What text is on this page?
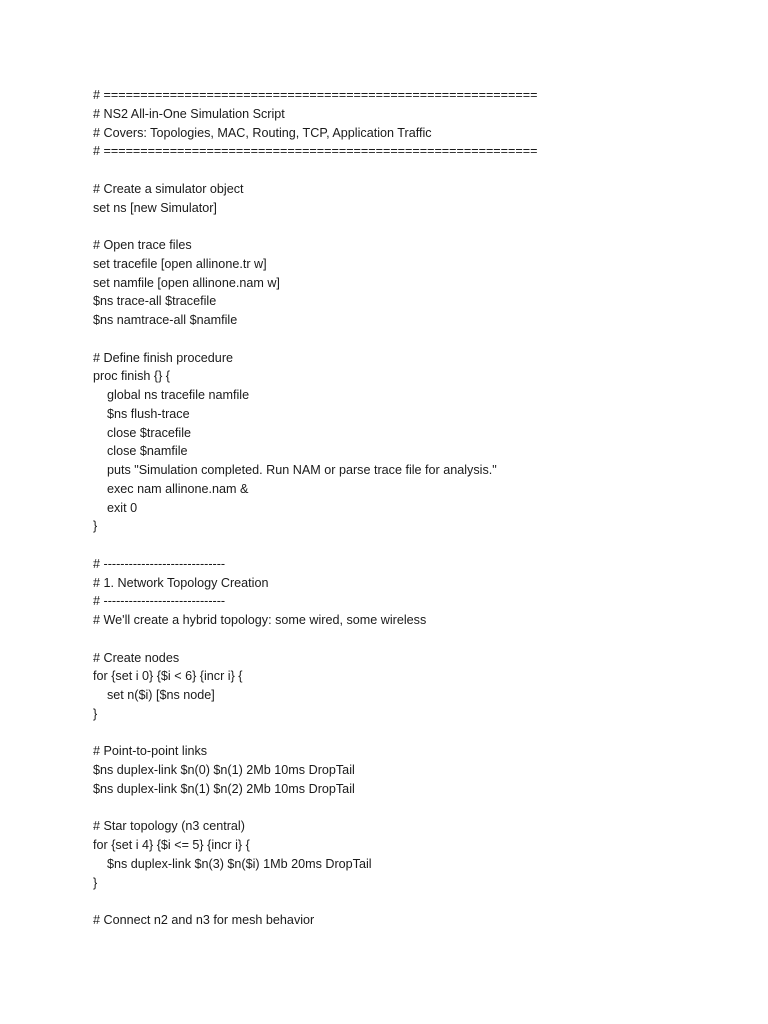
# ===========================================================
# NS2 All-in-One Simulation Script
# Covers: Topologies, MAC, Routing, TCP, Application Traffic
# ===========================================================
# Create a simulator object
set ns [new Simulator]
# Open trace files
set tracefile [open allinone.tr w]
set namfile [open allinone.nam w]
$ns trace-all $tracefile
$ns namtrace-all $namfile
# Define finish procedure
proc finish {} {
global ns tracefile namfile
$ns flush-trace
close $tracefile
close $namfile
puts "Simulation completed. Run NAM or parse trace file for analysis."
exec nam allinone.nam &
exit 0
}
# -----------------------------
# 1. Network Topology Creation
# -----------------------------
# We'll create a hybrid topology: some wired, some wireless
# Create nodes
for {set i 0} {$i < 6} {incr i} {
set n($i) [$ns node]
}
# Point-to-point links
$ns duplex-link $n(0) $n(1) 2Mb 10ms DropTail
$ns duplex-link $n(1) $n(2) 2Mb 10ms DropTail
# Star topology (n3 central)
for {set i 4} {$i <= 5} {incr i} {
$ns duplex-link $n(3) $n($i) 1Mb 20ms DropTail
}
# Connect n2 and n3 for mesh behavior
